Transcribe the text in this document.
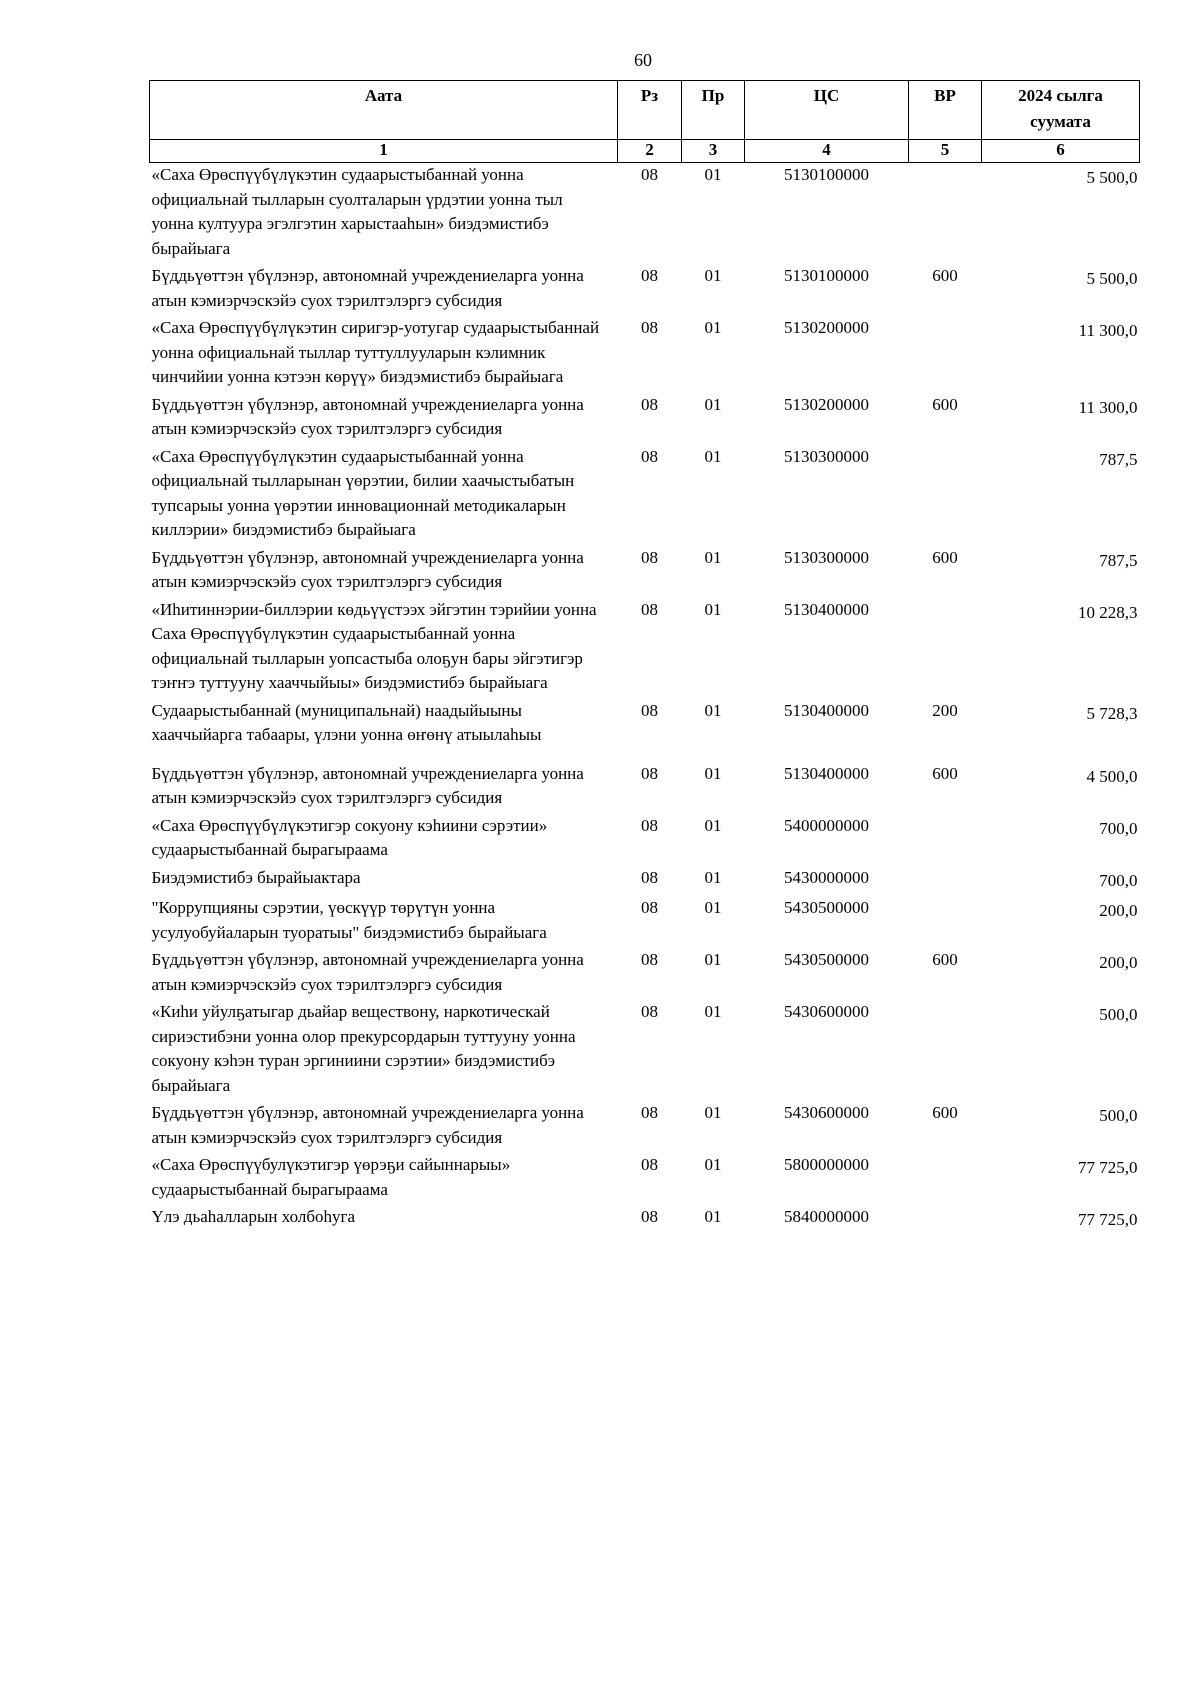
60
Аата	Рз	Пр	ЦС	ВР	2024 сылга суумата
1	2	3	4	5	6
«Саха Өрөспүүбүлүкэтин судаарыстыбаннай уонна официальнай тылларын суолталарын үрдэтии уонна тыл уонна култуура эгэлгэтин харыстааһын» биэдэмистибэ бырайыага	08	01	5130100000		5 500,0
Бүддьүөттэн үбүлэнэр, автономнай учреждениеларга уонна атын кэмиэрчэскэйэ суох тэрилтэлэргэ субсидия	08	01	5130100000	600	5 500,0
«Саха Өрөспүүбүлүкэтин сиригэр-уотугар судаарыстыбаннай уонна официальнай тыллар туттуллууларын кэлимник чинчийии уонна кэтээн көрүү» биэдэмистибэ бырайыага	08	01	5130200000		11 300,0
Бүддьүөттэн үбүлэнэр, автономнай учреждениеларга уонна атын кэмиэрчэскэйэ суох тэрилтэлэргэ субсидия	08	01	5130200000	600	11 300,0
«Саха Өрөспүүбүлүкэтин судаарыстыбаннай уонна официальнай тылларынан үөрэтии, билии хаачыстыбатын тупсарыы уонна үөрэтии инновационнай методикаларын киллэрии» биэдэмистибэ бырайыага	08	01	5130300000		787,5
Бүддьүөттэн үбүлэнэр, автономнай учреждениеларга уонна атын кэмиэрчэскэйэ суох тэрилтэлэргэ субсидия	08	01	5130300000	600	787,5
«Иһитиннэрии-биллэрии көдьүүстээх эйгэтин тэрийии уонна Саха Өрөспүүбүлүкэтин судаарыстыбаннай уонна официальнай тылларын уопсастыба олоҕун бары эйгэтигэр тэҥҥэ туттууну хааччыйыы» биэдэмистибэ бырайыага	08	01	5130400000		10 228,3
Судаарыстыбаннай (муниципальнай) наадыйыыны хааччыйарга табаары, үлэни уонна өҥөнү атыылаһыы	08	01	5130400000	200	5 728,3
Бүддьүөттэн үбүлэнэр, автономнай учреждениеларга уонна атын кэмиэрчэскэйэ суох тэрилтэлэргэ субсидия	08	01	5130400000	600	4 500,0
«Саха Өрөспүүбүлүкэтигэр сокуону кэһиини сэрэтии» судаарыстыбаннай бырагыраама	08	01	5400000000		700,0
Биэдэмистибэ бырайыактара	08	01	5430000000		700,0
"Коррупцияны сэрэтии, үөскүүр төрүтүн уонна усулуобуйаларын туоратыы" биэдэмистибэ бырайыага	08	01	5430500000		200,0
Бүддьүөттэн үбүлэнэр, автономнай учреждениеларга уонна атын кэмиэрчэскэйэ суох тэрилтэлэргэ субсидия	08	01	5430500000	600	200,0
«Киһи уйулҕатыгар дьайар веществону, наркотическай сириэстибэни уонна олор прекурсордарын туттууну уонна сокуону кэһэн туран эргиниини сэрэтии» биэдэмистибэ бырайыага	08	01	5430600000		500,0
Бүддьүөттэн үбүлэнэр, автономнай учреждениеларга уонна атын кэмиэрчэскэйэ суох тэрилтэлэргэ субсидия	08	01	5430600000	600	500,0
«Саха Өрөспүүбулүкэтигэр үөрэҕи сайыннарыы» судаарыстыбаннай бырагыраама	08	01	5800000000		77 725,0
Үлэ дьаһалларын холбоһуга	08	01	5840000000		77 725,0
